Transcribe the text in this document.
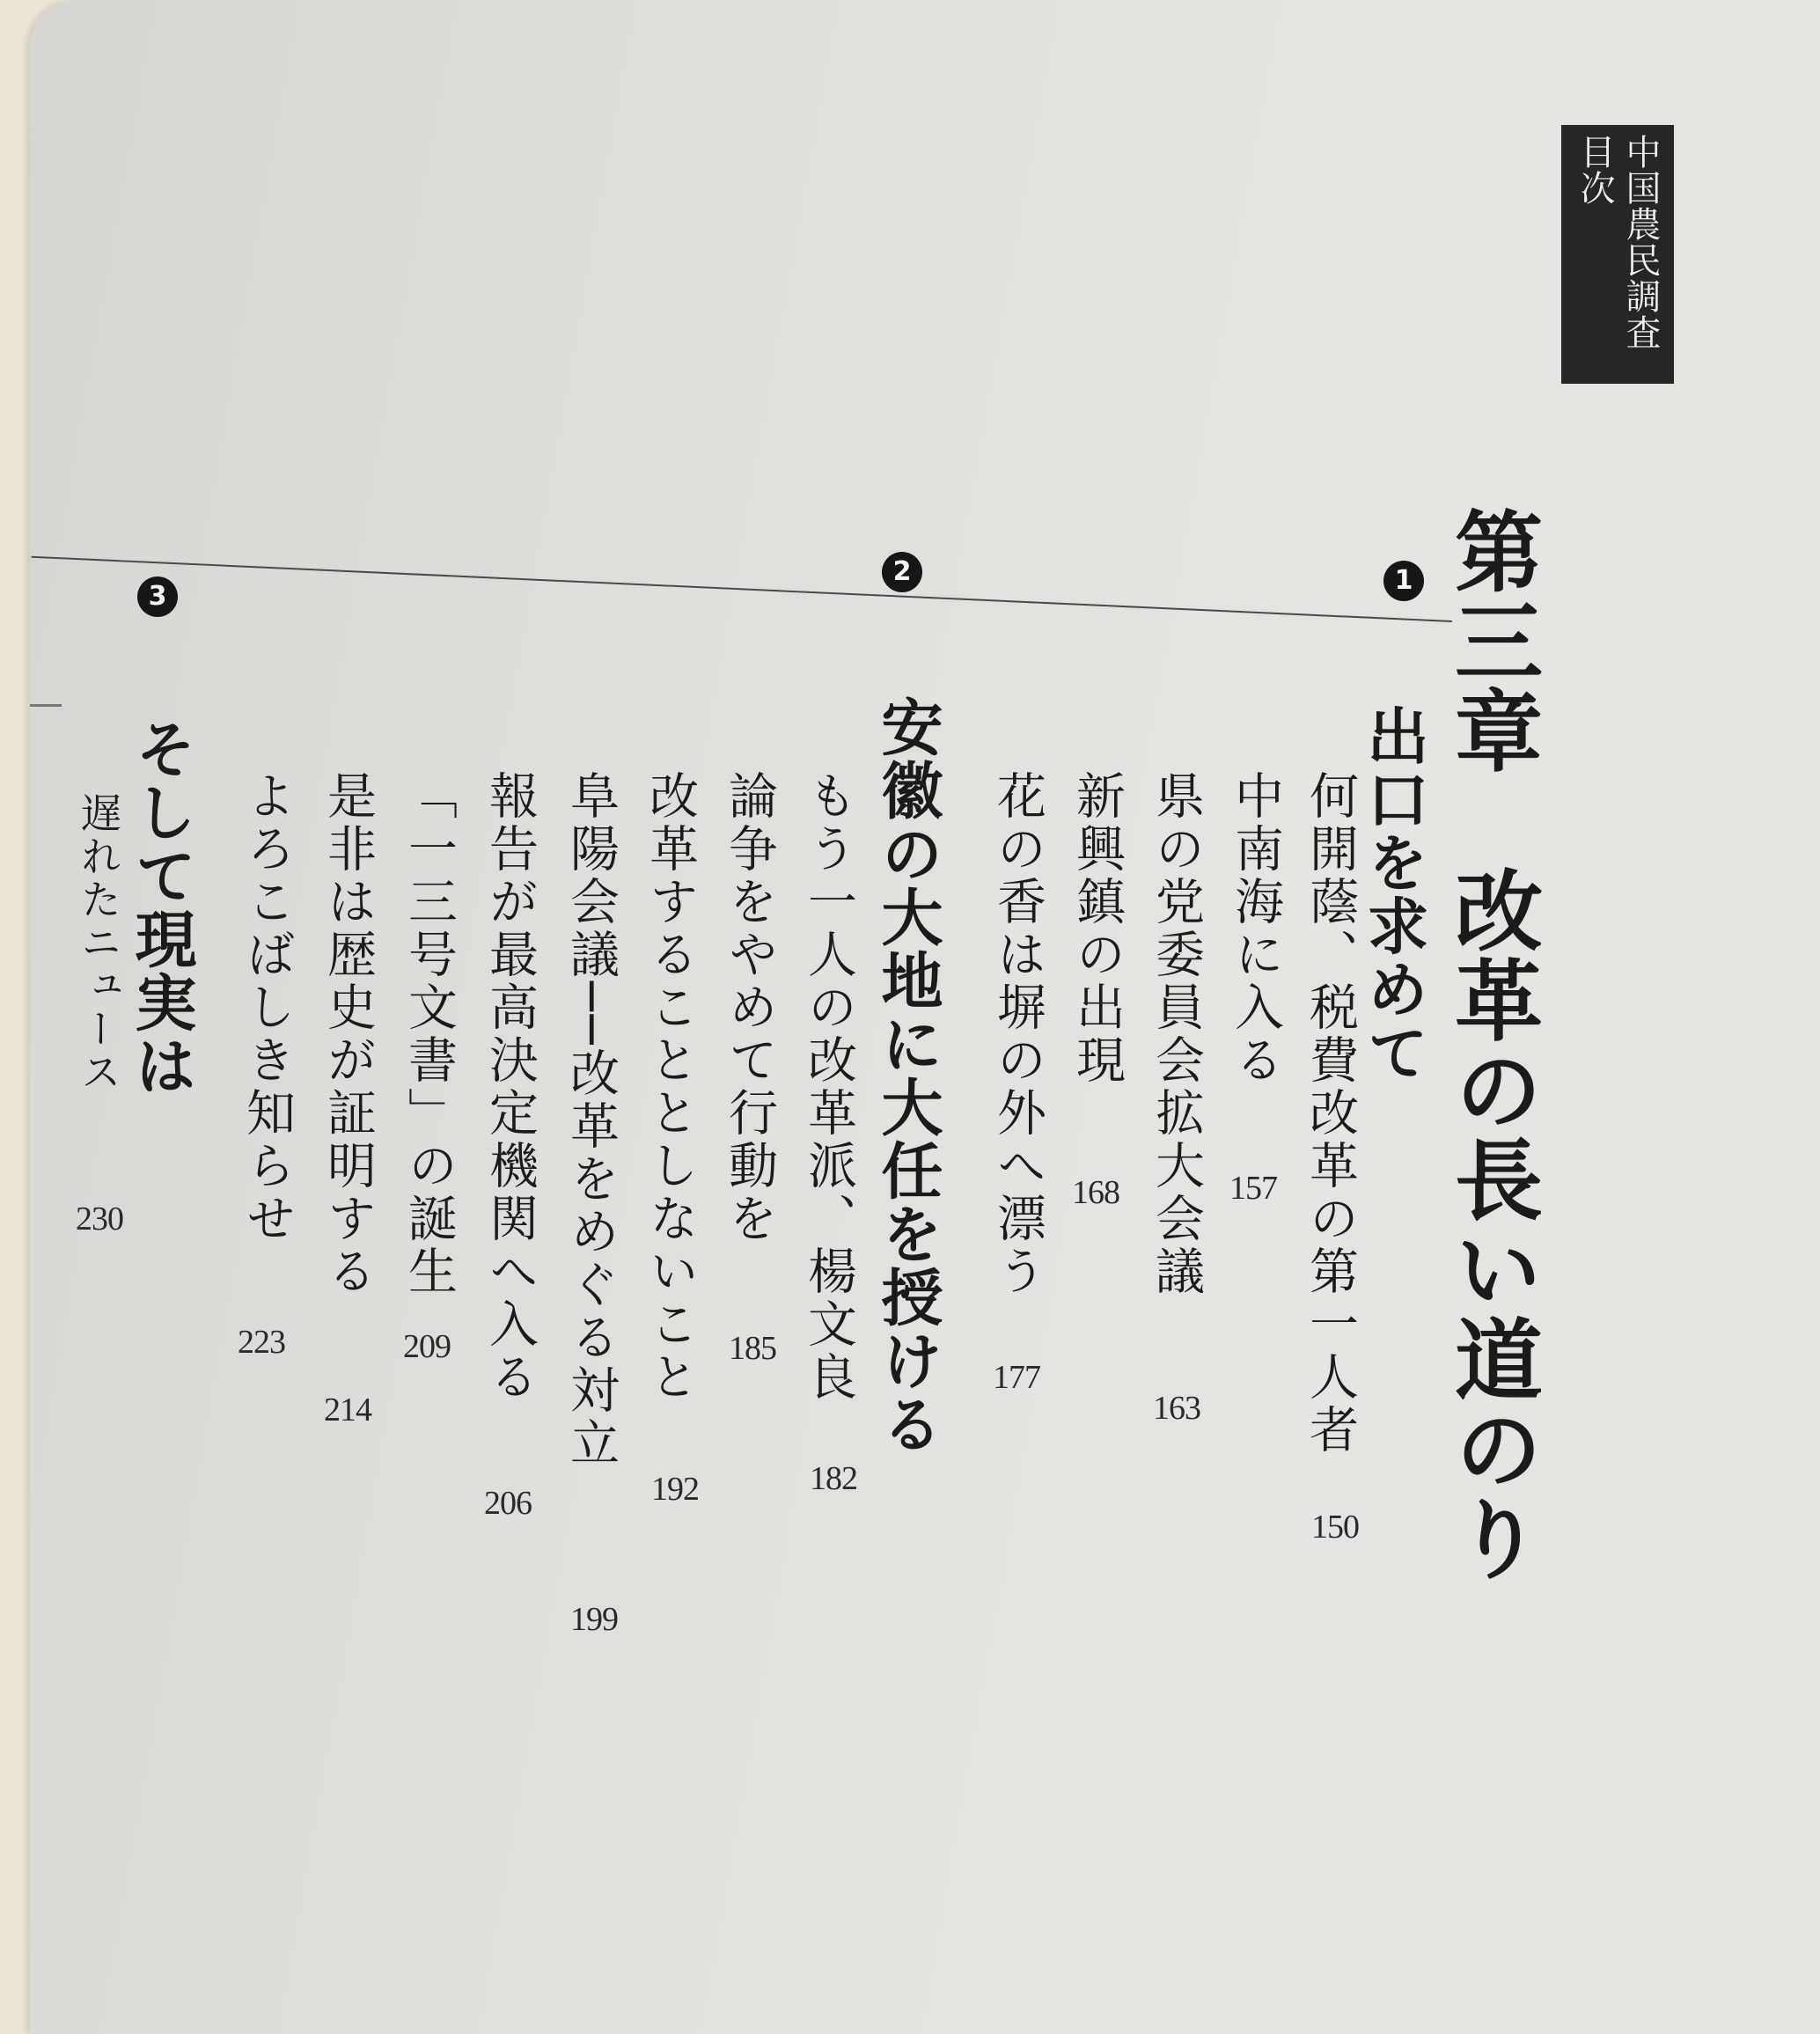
中国農民調査
目次
第三章　改革の長い道のり
1
出口を求めて
何開蔭、税費改革の第一人者
150
中南海に入る
157
県の党委員会拡大会議
163
新興鎮の出現
168
花の香は塀の外へ漂う
177
2
安徽の大地に大任を授ける
もう一人の改革派、楊文良
182
論争をやめて行動を
185
改革することとしないこと
192
阜陽会議──改革をめぐる対立
199
報告が最高決定機関へ入る
206
「一三号文書」の誕生
209
是非は歴史が証明する
214
よろこばしき知らせ
223
3
そして現実は
遅れたニュース
230
